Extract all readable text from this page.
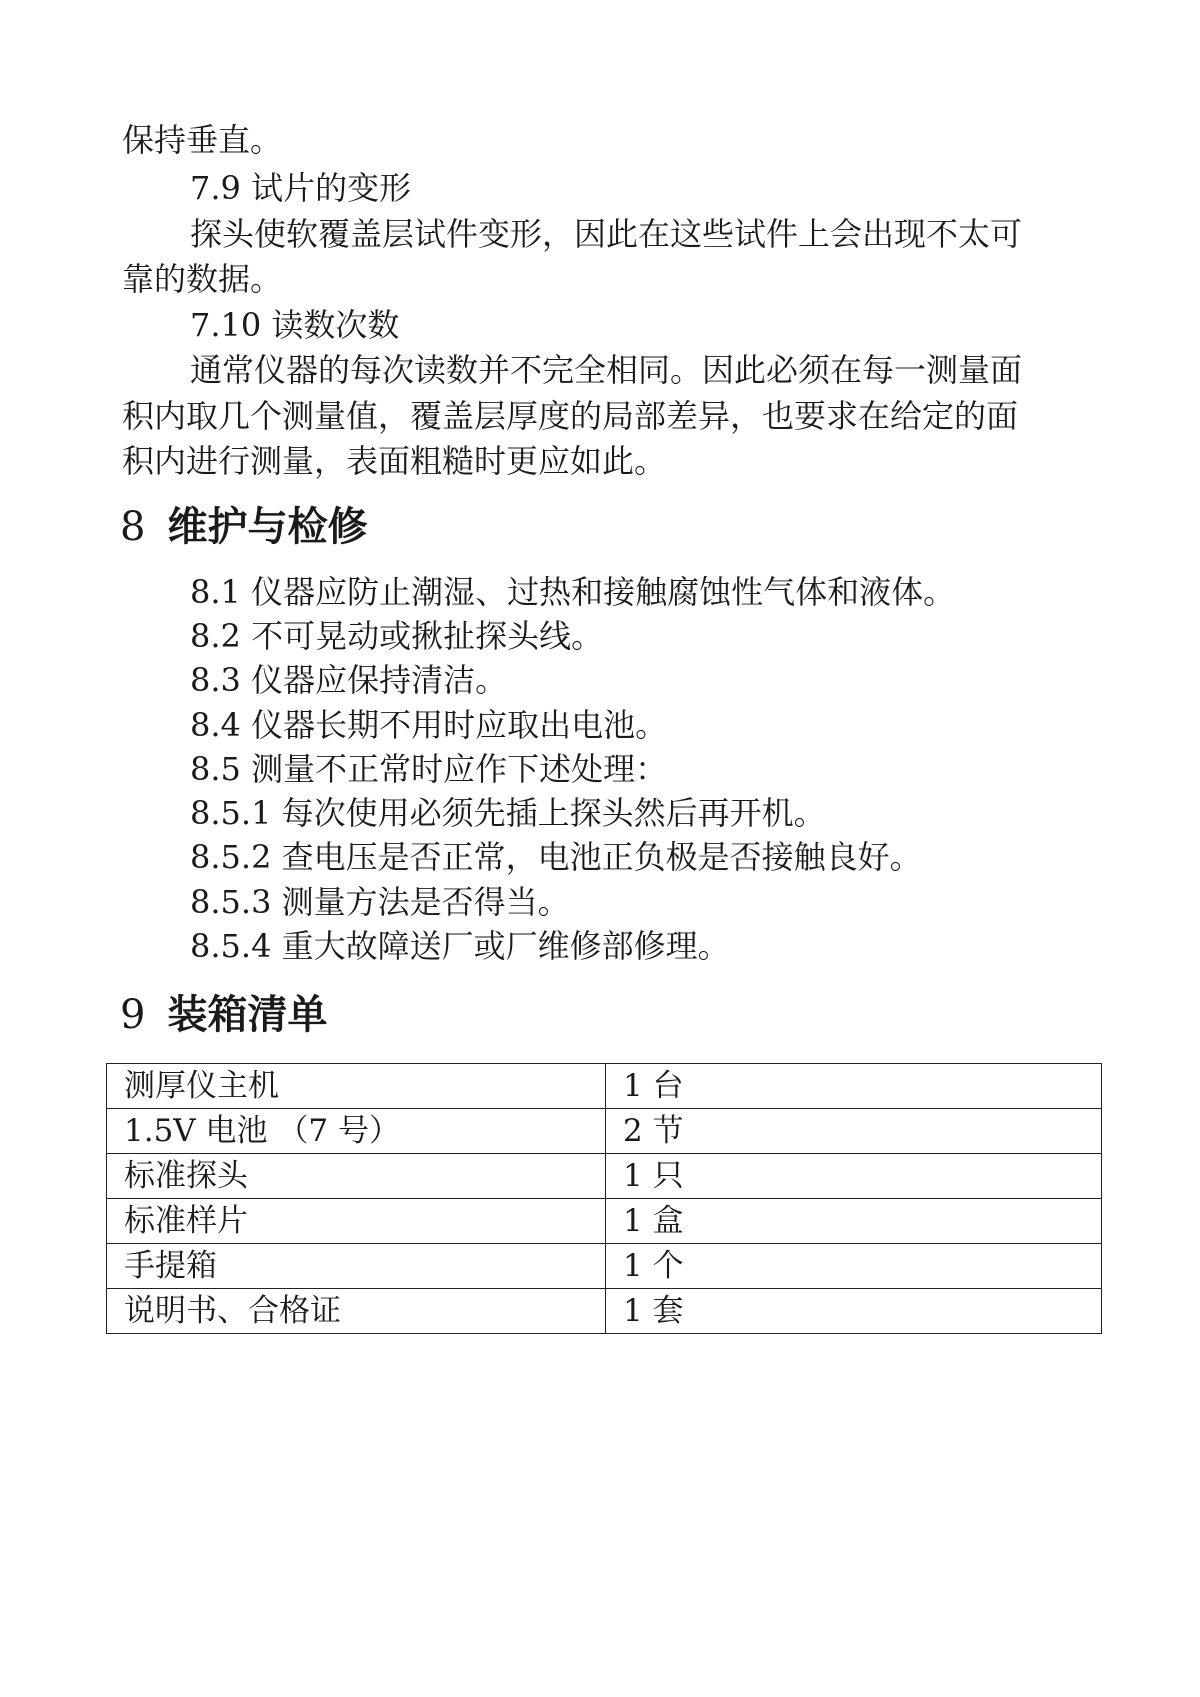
保持垂直。
7.9 试片的变形
探头使软覆盖层试件变形，因此在这些试件上会出现不太可
靠的数据。
7.10 读数次数
通常仪器的每次读数并不完全相同。因此必须在每一测量面
积内取几个测量值，覆盖层厚度的局部差异，也要求在给定的面
积内进行测量，表面粗糙时更应如此。
8 维护与检修
8.1 仪器应防止潮湿、过热和接触腐蚀性气体和液体。
8.2 不可晃动或揪扯探头线。
8.3 仪器应保持清洁。
8.4 仪器长期不用时应取出电池。
8.5 测量不正常时应作下述处理：
8.5.1 每次使用必须先插上探头然后再开机。
8.5.2 查电压是否正常，电池正负极是否接触良好。
8.5.3 测量方法是否得当。
8.5.4 重大故障送厂或厂维修部修理。
9 装箱清单
测厚仪主机	1 台
1.5V 电池 （7 号）	2 节
标准探头	1 只
标准样片	1 盒
手提箱	1 个
说明书、合格证	1 套
